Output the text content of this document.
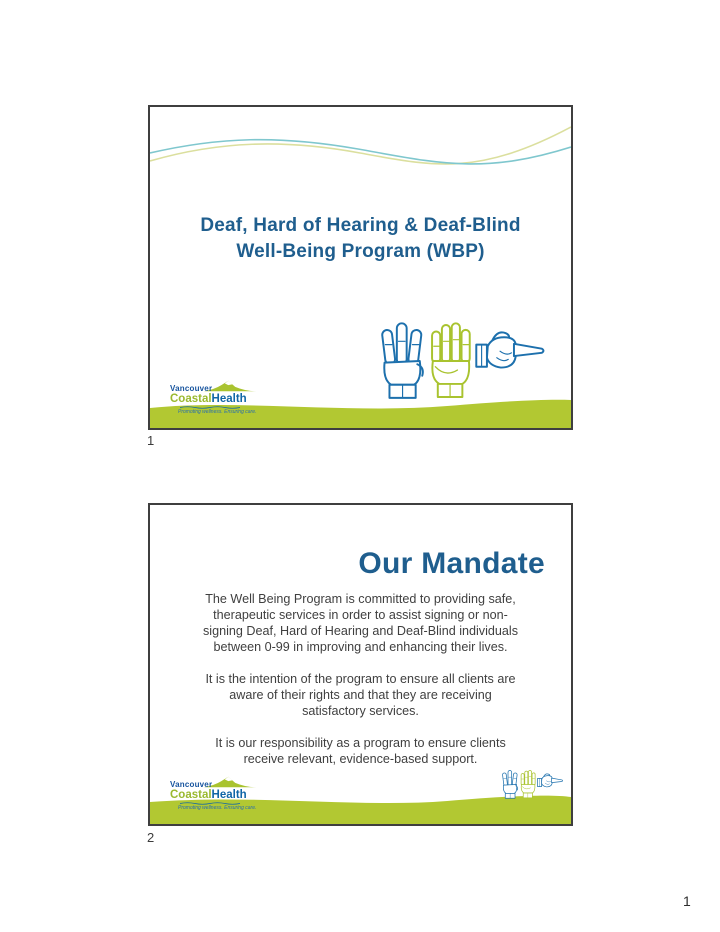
Deaf, Hard of Hearing & Deaf-Blind
Well-Being Program (WBP)
Vancouver
CoastalHealth
Promoting wellness. Ensuring care.
1
Our Mandate

The Well Being Program is committed to providing safe, therapeutic services in order to assist signing or non-signing Deaf, Hard of Hearing and Deaf-Blind individuals between 0-99 in improving and enhancing their lives.

It is the intention of the program to ensure all clients are aware of their rights and that they are receiving satisfactory services.

It is our responsibility as a program to ensure clients receive relevant, evidence-based support.

Vancouver
CoastalHealth
Promoting wellness. Ensuring care.
2
1
